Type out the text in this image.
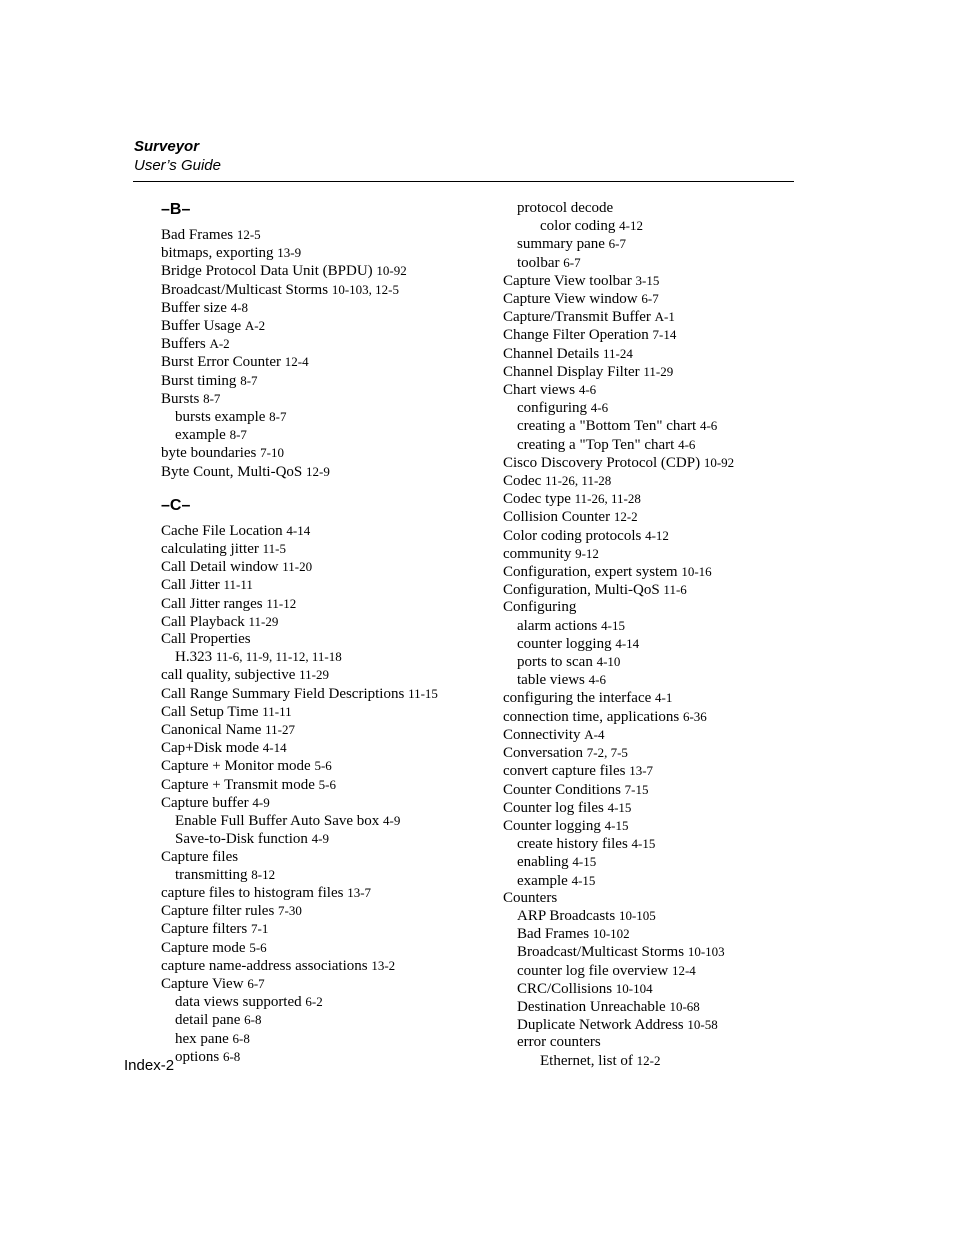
Surveyor
User’s Guide
–B–
Bad Frames 12-5
bitmaps, exporting 13-9
Bridge Protocol Data Unit (BPDU) 10-92
Broadcast/Multicast Storms 10-103, 12-5
Buffer size 4-8
Buffer Usage A-2
Buffers A-2
Burst Error Counter 12-4
Burst timing 8-7
Bursts 8-7
bursts example 8-7
example 8-7
byte boundaries 7-10
Byte Count, Multi-QoS 12-9
–C–
Cache File Location 4-14
calculating jitter 11-5
Call Detail window 11-20
Call Jitter 11-11
Call Jitter ranges 11-12
Call Playback 11-29
Call Properties
H.323 11-6, 11-9, 11-12, 11-18
call quality, subjective 11-29
Call Range Summary Field Descriptions 11-15
Call Setup Time 11-11
Canonical Name 11-27
Cap+Disk mode 4-14
Capture + Monitor mode 5-6
Capture + Transmit mode 5-6
Capture buffer 4-9
Enable Full Buffer Auto Save box 4-9
Save-to-Disk function 4-9
Capture files
transmitting 8-12
capture files to histogram files 13-7
Capture filter rules 7-30
Capture filters 7-1
Capture mode 5-6
capture name-address associations 13-2
Capture View 6-7
data views supported 6-2
detail pane 6-8
hex pane 6-8
options 6-8
protocol decode
color coding 4-12
summary pane 6-7
toolbar 6-7
Capture View toolbar 3-15
Capture View window 6-7
Capture/Transmit Buffer A-1
Change Filter Operation 7-14
Channel Details 11-24
Channel Display Filter 11-29
Chart views 4-6
configuring 4-6
creating a "Bottom Ten" chart 4-6
creating a "Top Ten" chart 4-6
Cisco Discovery Protocol (CDP) 10-92
Codec 11-26, 11-28
Codec type 11-26, 11-28
Collision Counter 12-2
Color coding protocols 4-12
community 9-12
Configuration, expert system 10-16
Configuration, Multi-QoS 11-6
Configuring
alarm actions 4-15
counter logging 4-14
ports to scan 4-10
table views 4-6
configuring the interface 4-1
connection time, applications 6-36
Connectivity A-4
Conversation 7-2, 7-5
convert capture files 13-7
Counter Conditions 7-15
Counter log files 4-15
Counter logging 4-15
create history files 4-15
enabling 4-15
example 4-15
Counters
ARP Broadcasts 10-105
Bad Frames 10-102
Broadcast/Multicast Storms 10-103
counter log file overview 12-4
CRC/Collisions 10-104
Destination Unreachable 10-68
Duplicate Network Address 10-58
error counters
Ethernet, list of 12-2
Index-2
